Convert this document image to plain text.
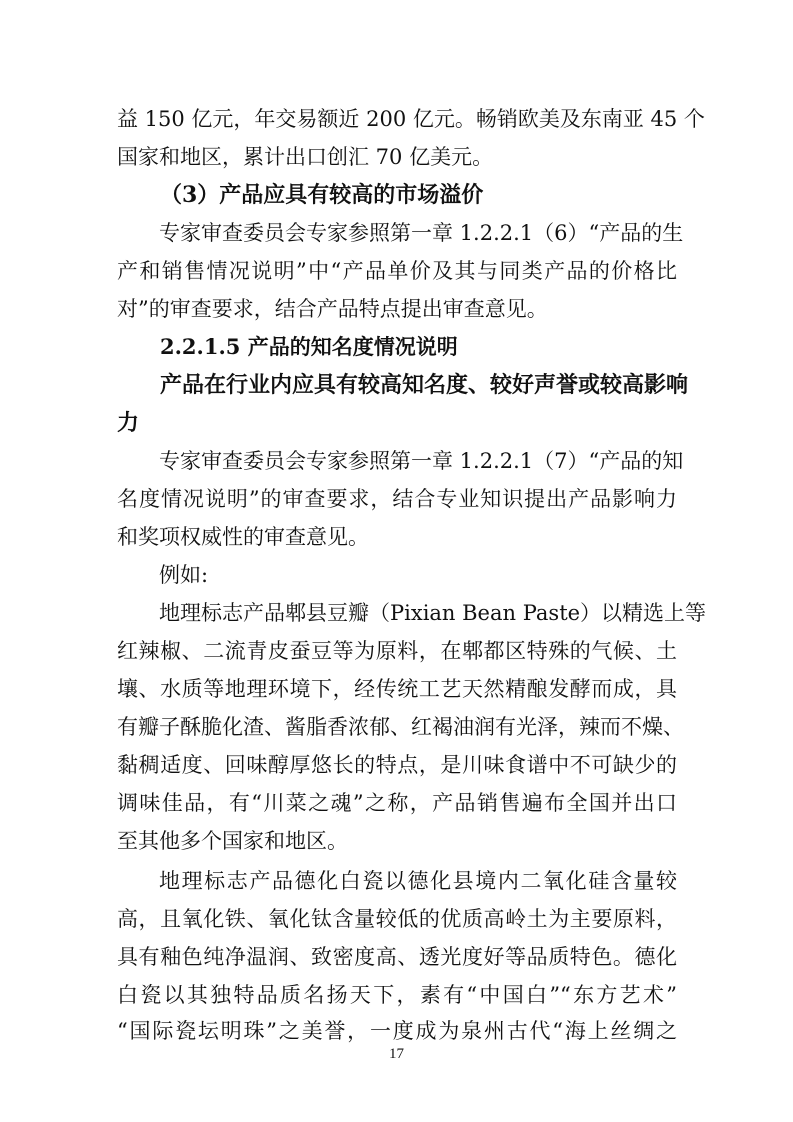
益 150 亿元，年交易额近 200 亿元。畅销欧美及东南亚 45 个
国家和地区，累计出口创汇 70 亿美元。
（3）产品应具有较高的市场溢价
专家审查委员会专家参照第一章 1.2.2.1（6）“产品的生
产和销售情况说明”中“产品单价及其与同类产品的价格比
对”的审查要求，结合产品特点提出审查意见。
2.2.1.5 产品的知名度情况说明
产品在行业内应具有较高知名度、较好声誉或较高影响
力
专家审查委员会专家参照第一章 1.2.2.1（7）“产品的知
名度情况说明”的审查要求，结合专业知识提出产品影响力
和奖项权威性的审查意见。
例如:
地理标志产品郫县豆瓣（Pixian Bean Paste）以精选上等
红辣椒、二流青皮蚕豆等为原料，在郫都区特殊的气候、土
壤、水质等地理环境下，经传统工艺天然精酿发酵而成，具
有瓣子酥脆化渣、酱脂香浓郁、红褐油润有光泽，辣而不燥、
黏稠适度、回味醇厚悠长的特点，是川味食谱中不可缺少的
调味佳品，有“川菜之魂”之称，产品销售遍布全国并出口
至其他多个国家和地区。
地理标志产品德化白瓷以德化县境内二氧化硅含量较
高，且氧化铁、氧化钛含量较低的优质高岭土为主要原料，
具有釉色纯净温润、致密度高、透光度好等品质特色。德化
白瓷以其独特品质名扬天下，素有“中国白”“东方艺术”
“国际瓷坛明珠”之美誉，一度成为泉州古代“海上丝绸之
17
